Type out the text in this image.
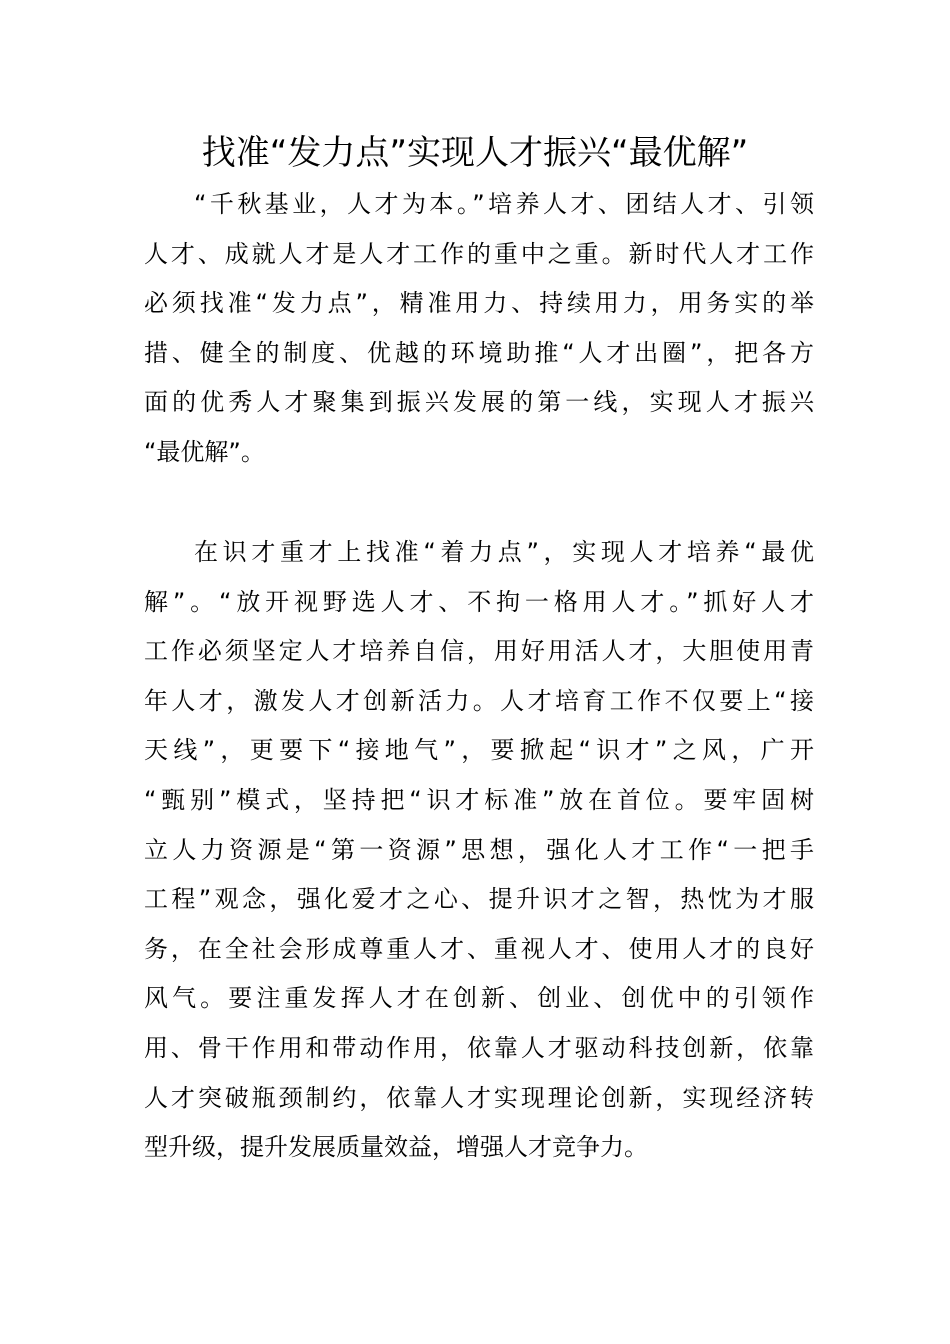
找准“发力点”实现人才振兴“最优解”
“千秋基业，人才为本。”培养人才、团结人才、引领
人才、成就人才是人才工作的重中之重。新时代人才工作
必须找准“发力点”，精准用力、持续用力，用务实的举
措、健全的制度、优越的环境助推“人才出圈”，把各方
面的优秀人才聚集到振兴发展的第一线，实现人才振兴
“最优解”。
在识才重才上找准“着力点”，实现人才培养“最优
解”。“放开视野选人才、不拘一格用人才。”抓好人才
工作必须坚定人才培养自信，用好用活人才，大胆使用青
年人才，激发人才创新活力。人才培育工作不仅要上“接
天线”，更要下“接地气”，要掀起“识才”之风，广开
“甄别”模式，坚持把“识才标准”放在首位。要牢固树
立人力资源是“第一资源”思想，强化人才工作“一把手
工程”观念，强化爱才之心、提升识才之智，热忱为才服
务，在全社会形成尊重人才、重视人才、使用人才的良好
风气。要注重发挥人才在创新、创业、创优中的引领作
用、骨干作用和带动作用，依靠人才驱动科技创新，依靠
人才突破瓶颈制约，依靠人才实现理论创新，实现经济转
型升级，提升发展质量效益，增强人才竞争力。
